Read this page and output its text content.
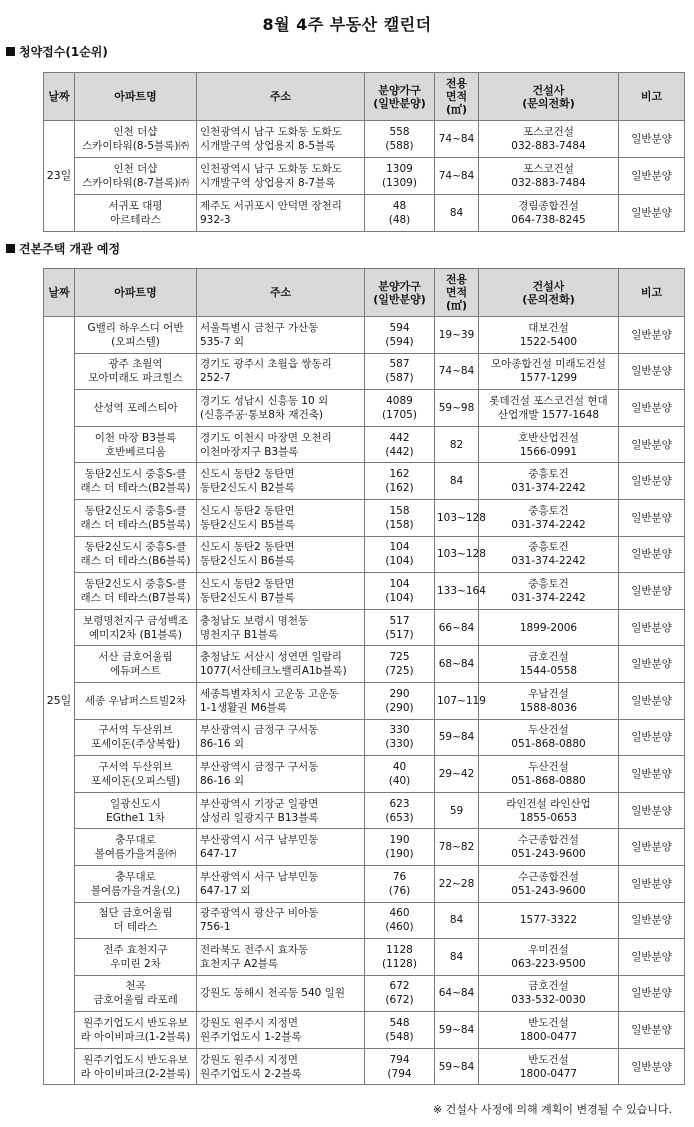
8월 4주 부동산 캘린더
청약접수(1순위)
날짜	아파트명	주소	분양가구
(일반분양)	전용
면적
(㎡)	건설사
(문의전화)	비고

23일	인천 더샵
스카이타워(8-5블록)㈜	인천광역시 남구 도화동 도화도
시개발구역 상업용지 8-5블록	558
(588)	74~84	포스코건설
032-883-7484	일반분양

	인천 더샵
스카이타워(8-7블록)㈜	인천광역시 남구 도화동 도화도
시개발구역 상업용지 8-7블록	1309
(1309)	74~84	포스코건설
032-883-7484	일반분양

	서귀포 대평
아르테라스	제주도 서귀포시 안덕면 장천리
932-3	48
(48)	84	경림종합건설
064-738-8245	일반분양
견본주택 개관 예정
날짜	아파트명	주소	분양가구
(일반분양)	전용
면적
(㎡)	건설사
(문의전화)	비고

25일	G밸리 하우스디 어반
(오피스텔)	서울특별시 금천구 가산동
535-7 외	594
(594)	19~39	대보건설
1522-5400	일반분양

	광주 초월역
모아미래도 파크힐스	경기도 광주시 초월읍 쌍동리
252-7	587
(587)	74~84	모아종합건설 미래도건설
1577-1299	일반분양

	산성역 포레스티아	경기도 성남시 신흥동 10 외
(신흥주공·통보8차 재건축)	4089
(1705)	59~98	롯데건설 포스코건설 현대
산업개발 1577-1648	일반분양

	이천 마장 B3블록
호반베르디움	경기도 이천시 마장면 오천리
이천마장지구 B3블록	442
(442)	82	호반산업건설
1566-0991	일반분양

	동탄2신도시 중흥S-클
래스 더 테라스(B2블록)	신도시 동탄2 동탄면
동탄2신도시 B2블록	162
(162)	84	중흥토건
031-374-2242	일반분양

	동탄2신도시 중흥S-클
래스 더 테라스(B5블록)	신도시 동탄2 동탄면
동탄2신도시 B5블록	158
(158)	103~128	중흥토건
031-374-2242	일반분양

	동탄2신도시 중흥S-클
래스 더 테라스(B6블록)	신도시 동탄2 동탄면
동탄2신도시 B6블록	104
(104)	103~128	중흥토건
031-374-2242	일반분양

	동탄2신도시 중흥S-클
래스 더 테라스(B7블록)	신도시 동탄2 동탄면
동탄2신도시 B7블록	104
(104)	133~164	중흥토건
031-374-2242	일반분양

	보령명천지구 금성백조
예미지2차 (B1블록)	충청남도 보령시 명천동
명천지구 B1블록	517
(517)	66~84	1899-2006	일반분양

	서산 금호어울림
에듀퍼스트	충청남도 서산시 성연면 일람리
1077(서산테크노밸리A1b블록)	725
(725)	68~84	금호건설
1544-0558	일반분양

	세종 우남퍼스트빌2차	세종특별자치시 고운동 고운동
1-1생활권 M6블록	290
(290)	107~119	우남건설
1588-8036	일반분양

	구서역 두산위브
포세이돈(주상복합)	부산광역시 금정구 구서동
86-16 외	330
(330)	59~84	두산건설
051-868-0880	일반분양

	구서역 두산위브
포세이돈(오피스텔)	부산광역시 금정구 구서동
86-16 외	40
(40)	29~42	두산건설
051-868-0880	일반분양

	일광신도시
EGthe1 1차	부산광역시 기장군 일광면
삼성리 일광지구 B13블록	623
(653)	59	라인건설 라인산업
1855-0653	일반분양

	충무대로
볼여름가을겨울㈜	부산광역시 서구 남부민동
647-17	190
(190)	78~82	수근종합건설
051-243-9600	일반분양

	충무대로
볼여름가을겨울(오)	부산광역시 서구 남부민동
647-17 외	76
(76)	22~28	수근종합건설
051-243-9600	일반분양

	첨단 금호어울림
더 테라스	광주광역시 광산구 비아동
756-1	460
(460)	84	1577-3322	일반분양

	전주 효천지구
우미린 2차	전라북도 전주시 효자동
효천지구 A2블록	1128
(1128)	84	우미건설
063-223-9500	일반분양

	천곡
금호어울림 라포레	강원도 동해시 천곡동 540 일원	672
(672)	64~84	금호건설
033-532-0030	일반분양

	원주기업도시 반도유보
라 아이비파크(1-2블록)	강원도 원주시 지정면
원주기업도시 1-2블록	548
(548)	59~84	반도건설
1800-0477	일반분양

	원주기업도시 반도유보
라 아이비파크(2-2블록)	강원도 원주시 지정면
원주기업도시 2-2블록	794
(794	59~84	반도건설
1800-0477	일반분양
※ 건설사 사정에 의해 계획이 변경될 수 있습니다.
